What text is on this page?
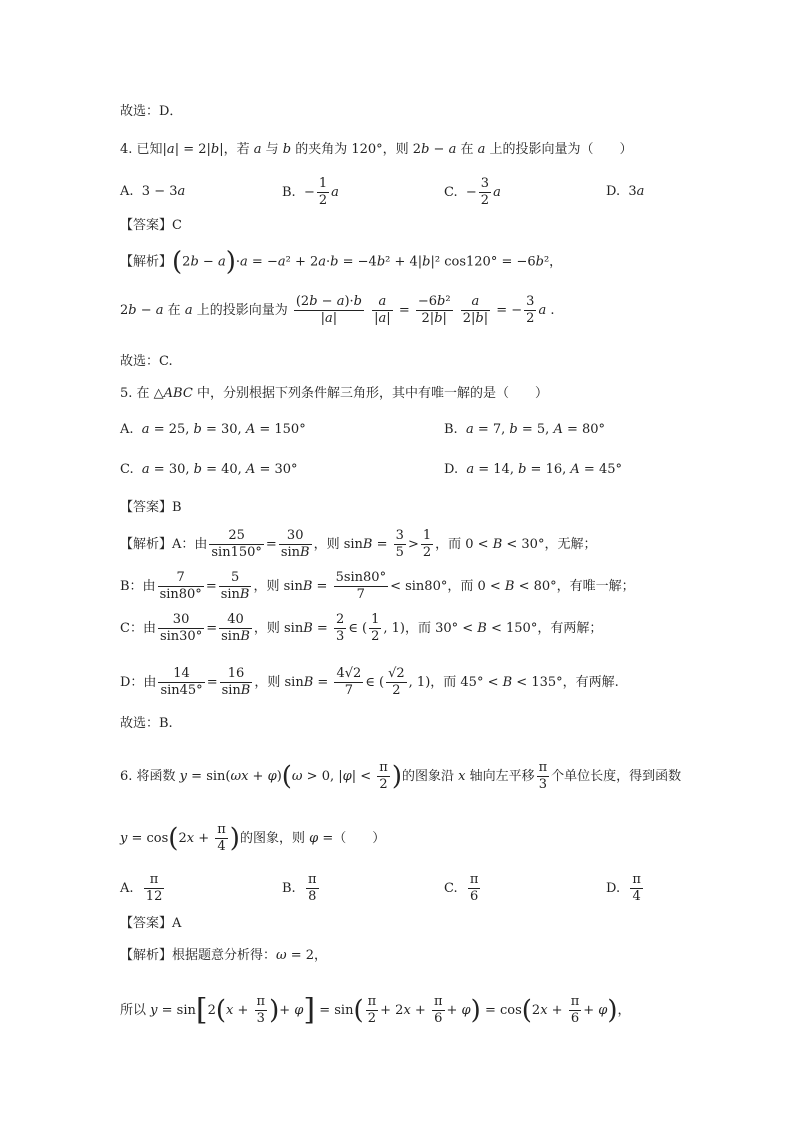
故选：D．
4. 已知|a| = 2|b|，若 a 与 b 的夹角为 120°，则 2b − a 在 a 上的投影向量为（　　）
A.  3 − 3a	B.  − $\frac{1}{2}$ a	C.  − $\frac{3}{2}$ a	D.  3a
【答案】C
【解析】(2b − a)·a = −a² + 2a·b = −4b² + 4|b|² cos120° = −6b²，
2b − a 在 a 上的投影向量为 $\frac{(2b - a)\cdot b}{|a|}$
$\frac{a}{|a|} = \frac{\text{−6b²}}{2|b|}$
$\frac{a}{2|b|}$ = − $\frac{3}{2}$ a .
故选：C.
5. 在 △ABC 中，分别根据下列条件解三角形，其中有唯一解的是（　　）
A.  a = 25, b = 30, A = 150°	B.  a = 7, b = 5, A = 80°
C.  a = 30, b = 40, A = 30°	D.  a = 14, b = 16, A = 45°
【答案】B
【解析】A：由 $\frac{25}{\sin 150^\circ} = \frac{30}{\sin B}$ ，则 $\sin B = \frac{3}{5} > \frac{1}{2}$ ，而 0 < B < 30°，无解；
B：由 $\frac{7}{\sin 80^\circ} = \frac{5}{\sin B}$ ，则 $\sin B = \frac{5\sin 80^\circ}{7} < \sin 80^\circ$，而 0 < B < 80°，有唯一解；
C：由 $\frac{30}{\sin 30^\circ} = \frac{40}{\sin B}$ ，则 $\sin B = \frac{2}{3}$ ∈ ( $\frac{1}{2}$ , 1)，而 30° < B < 150°，有两解；
D：由 $\frac{14}{\sin 45^\circ} = \frac{16}{\sin B}$ ，则 $\sin B = \frac{4√2}{7}$ ∈ ( $\frac{√2}{2}$ , 1)，而 45° < B < 135°，有两解.
故选：B.
6. 将函数 y = sin(ωx + φ)(ω > 0, $|\varphi| < \frac{\pi}{2}$ )的图象沿 x 轴向左平移 $\frac{\pi}{3}$ 个单位长度，得到函数
$y = \cos(2x + \frac{\pi}{4}$ )的图象，则 φ =（　　）
A. $\frac{\pi}{12}$	B. $\frac{\pi}{8}$	C. $\frac{\pi}{6}$	D. $\frac{\pi}{4}$
【答案】A
【解析】根据题意分析得：ω = 2，
所以 $y = \sin[2(x + \frac{\pi}{3}$ )+ $\varphi] = \sin( \frac{\pi}{2} + 2x + \frac{\pi}{6} + \varphi) = \cos(2x + \frac{\pi}{6} + \varphi)$，
